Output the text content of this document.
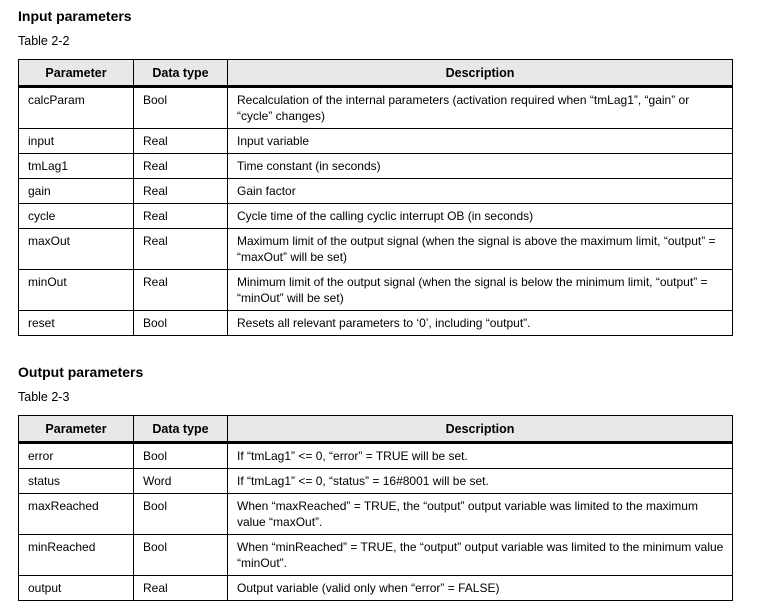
Input parameters
Table 2-2
Parameter	Data type	Description
calcParam	Bool	Recalculation of the internal parameters (activation required when “tmLag1”, “gain” or “cycle” changes)
input	Real	Input variable
tmLag1	Real	Time constant (in seconds)
gain	Real	Gain factor
cycle	Real	Cycle time of the calling cyclic interrupt OB (in seconds)
maxOut	Real	Maximum limit of the output signal (when the signal is above the maximum limit, “output” = “maxOut” will be set)
minOut	Real	Minimum limit of the output signal (when the signal is below the minimum limit, “output” = “minOut” will be set)
reset	Bool	Resets all relevant parameters to ‘0’, including “output”.
Output parameters
Table 2-3
Parameter	Data type	Description
error	Bool	If “tmLag1” <= 0, “error” = TRUE will be set.
status	Word	If “tmLag1” <= 0, “status” = 16#8001 will be set.
maxReached	Bool	When “maxReached” = TRUE, the “output” output variable was limited to the maximum value “maxOut”.
minReached	Bool	When “minReached” = TRUE, the “output” output variable was limited to the minimum value “minOut”.
output	Real	Output variable (valid only when “error” = FALSE)
